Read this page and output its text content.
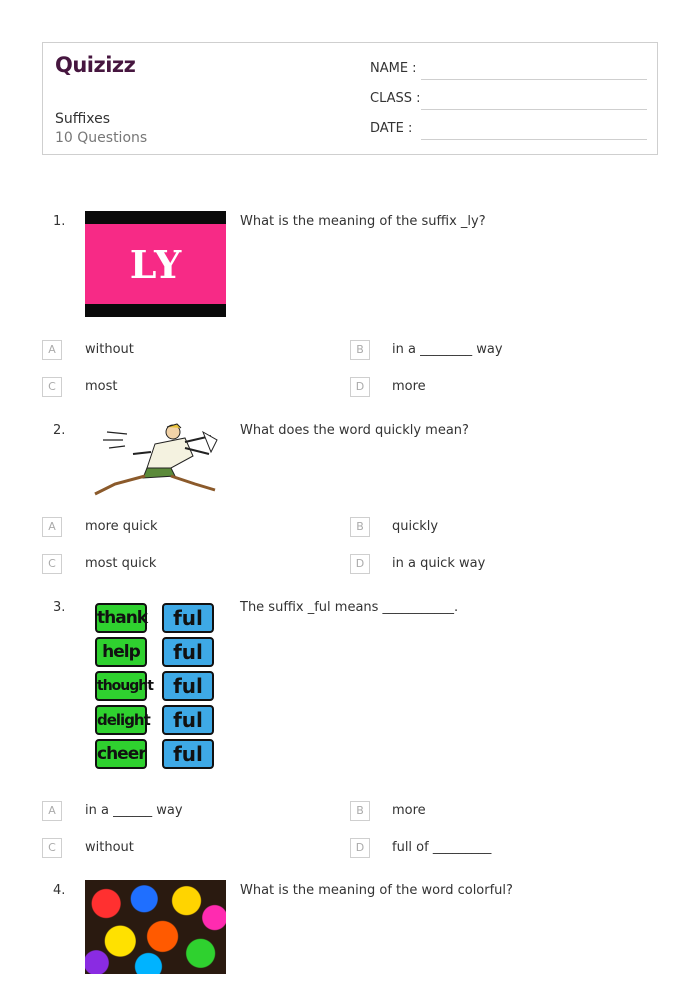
Quizizz
Suffixes
10 Questions
NAME :
CLASS :
DATE :
1.
LY
What is the meaning of the suffix _ly?
A	without	B	in a ________ way
C	most	D	more
2.	What does the word quickly mean?
A	more quick	B	quickly
C	most quick	D	in a quick way
3.
thank	ful
help	ful
thought	ful
delight	ful
cheer	ful
The suffix _ful means ___________.
A	in a ______ way	B	more
C	without	D	full of _________
4.	What is the meaning of the word colorful?
